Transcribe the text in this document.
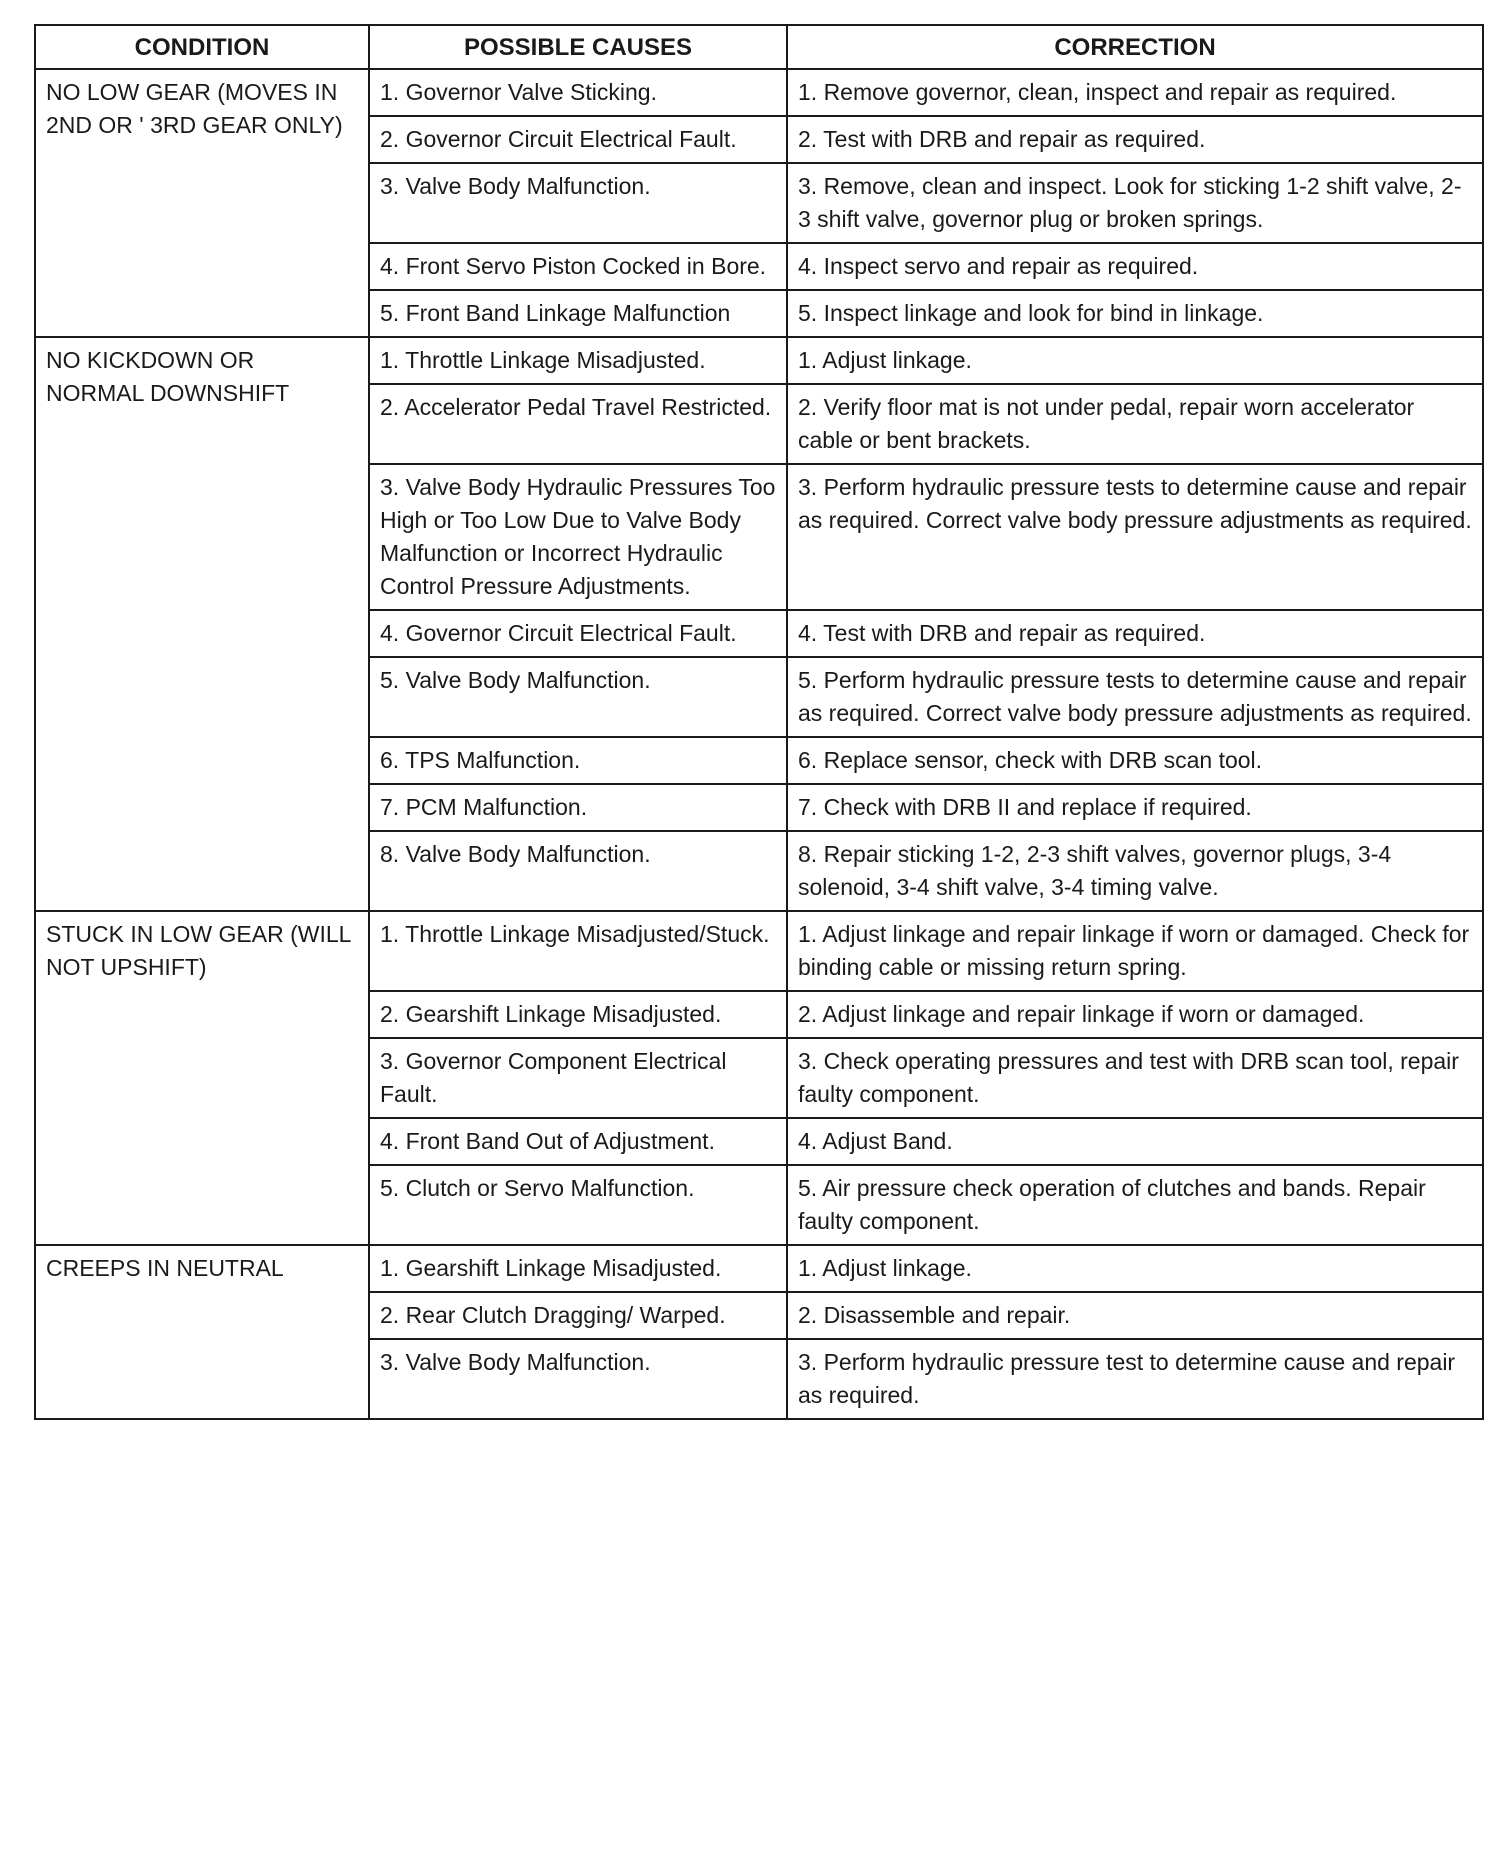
CONDITION	POSSIBLE CAUSES	CORRECTION
NO LOW GEAR (MOVES IN 2ND OR ' 3RD GEAR ONLY)	1. Governor Valve Sticking.	1. Remove governor, clean, inspect and repair as required.
	2. Governor Circuit Electrical Fault.	2. Test with DRB and repair as required.
	3. Valve Body Malfunction.	3. Remove, clean and inspect. Look for sticking 1-2 shift valve, 2-3 shift valve, governor plug or broken springs.
	4. Front Servo Piston Cocked in Bore.	4. Inspect servo and repair as required.
	5. Front Band Linkage Malfunction	5. Inspect linkage and look for bind in linkage.
NO KICKDOWN OR NORMAL DOWNSHIFT	1. Throttle Linkage Misadjusted.	1. Adjust linkage.
	2. Accelerator Pedal Travel Restricted.	2. Verify floor mat is not under pedal, repair worn accelerator cable or bent brackets.
	3. Valve Body Hydraulic Pressures Too High or Too Low Due to Valve Body Malfunction or Incorrect Hydraulic Control Pressure Adjustments.	3. Perform hydraulic pressure tests to determine cause and repair as required. Correct valve body pressure adjustments as required.
	4. Governor Circuit Electrical Fault.	4. Test with DRB and repair as required.
	5. Valve Body Malfunction.	5. Perform hydraulic pressure tests to determine cause and repair as required. Correct valve body pressure adjustments as required.
	6. TPS Malfunction.	6. Replace sensor, check with DRB scan tool.
	7. PCM Malfunction.	7. Check with DRB II and replace if required.
	8. Valve Body Malfunction.	8. Repair sticking 1-2, 2-3 shift valves, governor plugs, 3-4 solenoid, 3-4 shift valve, 3-4 timing valve.
STUCK IN LOW GEAR (WILL NOT UPSHIFT)	1. Throttle Linkage Misadjusted/Stuck.	1. Adjust linkage and repair linkage if worn or damaged. Check for binding cable or missing return spring.
	2. Gearshift Linkage Misadjusted.	2. Adjust linkage and repair linkage if worn or damaged.
	3. Governor Component Electrical Fault.	3. Check operating pressures and test with DRB scan tool, repair faulty component.
	4. Front Band Out of Adjustment.	4. Adjust Band.
	5. Clutch or Servo Malfunction.	5. Air pressure check operation of clutches and bands. Repair faulty component.
CREEPS IN NEUTRAL	1. Gearshift Linkage Misadjusted.	1. Adjust linkage.
	2. Rear Clutch Dragging/ Warped.	2. Disassemble and repair.
	3. Valve Body Malfunction.	3. Perform hydraulic pressure test to determine cause and repair as required.
